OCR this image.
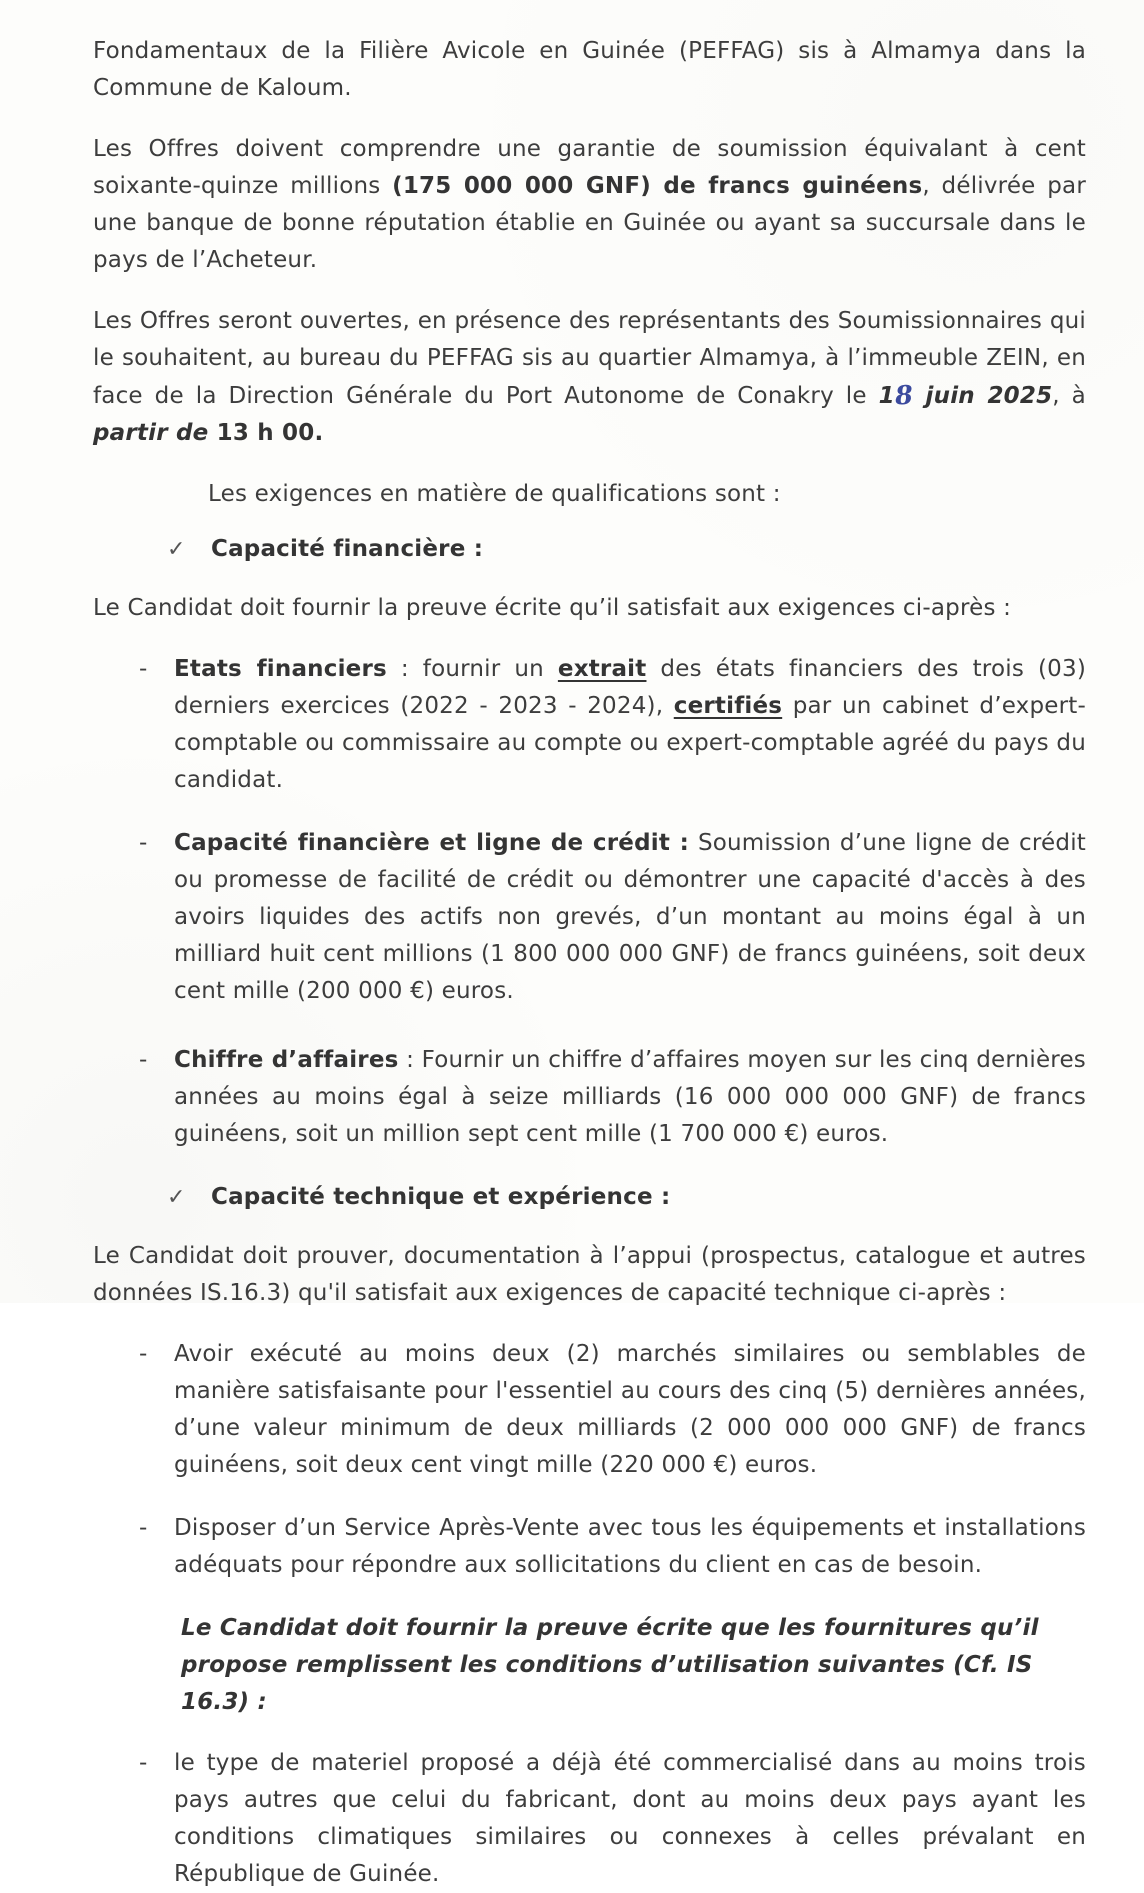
Fondamentaux de la Filière Avicole en Guinée (PEFFAG) sis à Almamya dans la Commune de Kaloum.

Les Offres doivent comprendre une garantie de soumission équivalant à cent soixante-quinze millions (175 000 000 GNF) de francs guinéens, délivrée par une banque de bonne réputation établie en Guinée ou ayant sa succursale dans le pays de l’Acheteur.

Les Offres seront ouvertes, en présence des représentants des Soumissionnaires qui le souhaitent, au bureau du PEFFAG sis au quartier Almamya, à l’immeuble ZEIN, en face de la Direction Générale du Port Autonome de Conakry le 18 juin 2025, à partir de 13 h 00.

Les exigences en matière de qualifications sont :

✓	Capacité financière :

Le Candidat doit fournir la preuve écrite qu’il satisfait aux exigences ci-après :

-	Etats financiers : fournir un extrait des états financiers des trois (03) derniers exercices (2022 - 2023 - 2024), certifiés par un cabinet d’expert-comptable ou commissaire au compte ou expert-comptable agréé du pays du candidat.
-	Capacité financière et ligne de crédit : Soumission d’une ligne de crédit ou promesse de facilité de crédit ou démontrer une capacité d'accès à des avoirs liquides des actifs non grevés, d’un montant au moins égal à un milliard huit cent millions (1 800 000 000 GNF) de francs guinéens, soit deux cent mille (200 000 €) euros.
-	Chiffre d’affaires : Fournir un chiffre d’affaires moyen sur les cinq dernières années au moins égal à seize milliards (16 000 000 000 GNF) de francs guinéens, soit un million sept cent mille (1 700 000 €) euros.
✓	Capacité technique et expérience :

Le Candidat doit prouver, documentation à l’appui (prospectus, catalogue et autres données IS.16.3) qu'il satisfait aux exigences de capacité technique ci-après :

-	Avoir exécuté au moins deux (2) marchés similaires ou semblables de manière satisfaisante pour l'essentiel au cours des cinq (5) dernières années, d’une valeur minimum de deux milliards (2 000 000 000 GNF) de francs guinéens, soit deux cent vingt mille (220 000 €) euros.
-	Disposer d’un Service Après-Vente avec tous les équipements et installations adéquats pour répondre aux sollicitations du client en cas de besoin.

Le Candidat doit fournir la preuve écrite que les fournitures qu’il propose remplissent les conditions d’utilisation suivantes (Cf. IS 16.3) :

-	le type de materiel proposé a déjà été commercialisé dans au moins trois pays autres que celui du fabricant, dont au moins deux pays ayant les conditions climatiques similaires ou connexes à celles prévalant en République de Guinée.
